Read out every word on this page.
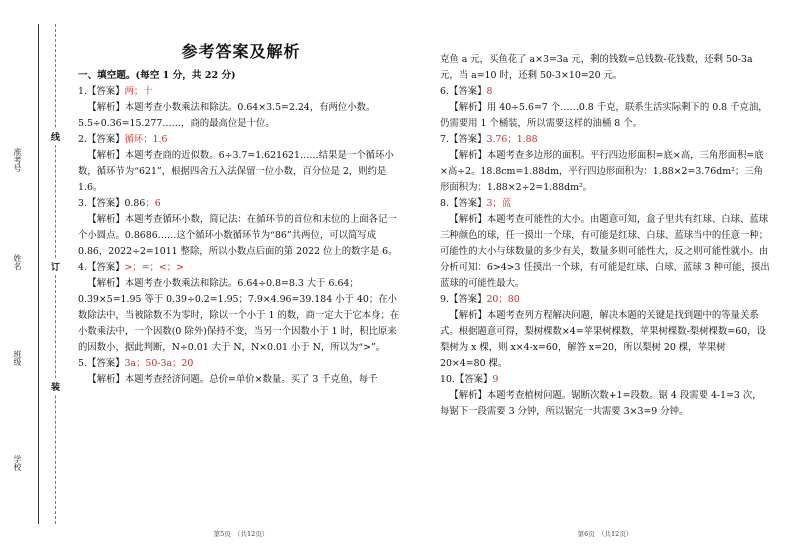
准考号
姓名
班级
学校
线
订
装
参考答案及解析

一、填空题。(每空 1 分，共 22 分)

1.【答案】两；十

【解析】本题考查小数乘法和除法。0.64×3.5=2.24，有两位小数。5.5÷0.36=15.277……，商的最高位是十位。

2.【答案】循环；1.6

【解析】本题考查商的近似数。6÷3.7=1.621621……结果是一个循环小数，循环节为“621”，根据四舍五入法保留一位小数，百分位是 2，则约是 1.6。

3.【答案】0.86；6

【解析】本题考查循环小数，简记法：在循环节的首位和末位的上面各记一个小圆点。0.8686……这个循环小数循环节为“86”共两位，可以简写成0.86，2022÷2=1011 整除，所以小数点后面的第 2022 位上的数字是 6。

4.【答案】>；=；<；>

【解析】本题考查小数乘法和除法。6.64÷0.8=8.3 大于 6.64；0.39×5=1.95 等于 0.39÷0.2=1.95；7.9×4.96=39.184 小于 40；在小数除法中，当被除数不为零时，除以一个小于 1 的数，商一定大于它本身；在小数乘法中，一个因数(0 除外)保持不变，当另一个因数小于 1 时，积比原来的因数小，据此判断，N÷0.01 大于 N，N×0.01 小于 N，所以为“>”。

5.【答案】3a；50-3a；20

【解析】本题考查经济问题。总价=单价×数量。买了 3 千克鱼，每千

第5页　（共12页）

克鱼 a 元，买鱼花了 a×3=3a 元，剩的钱数=总钱数-花钱数，还剩 50-3a 元，当 a=10 时，还剩 50-3×10=20 元。

6.【答案】8

【解析】用 40÷5.6=7 个……0.8 千克，联系生活实际剩下的 0.8 千克油，仍需要用 1 个桶装，所以需要这样的油桶 8 个。

7.【答案】3.76；1.88

【解析】本题考查多边形的面积。平行四边形面积=底×高，三角形面积=底×高÷2。18.8cm=1.88dm，平行四边形面积为：1.88×2=3.76dm²；三角形面积为：1.88×2÷2=1.88dm²。

8.【答案】3；蓝

【解析】本题考查可能性的大小。由题意可知，盒子里共有红球、白球、蓝球三种颜色的球，任一摸出一个球，有可能是红球、白球、蓝球当中的任意一种；可能性的大小与球数量的多少有关，数量多则可能性大，反之则可能性就小。由分析可知：6>4>3 任摸出一个球，有可能是红球、白球、蓝球 3 种可能，摸出蓝球的可能性最大。

9.【答案】20；80

【解析】本题考查列方程解决问题，解决本题的关键是找到题中的等量关系式。根据题意可得，梨树棵数×4=苹果树棵数，苹果树棵数-梨树棵数=60，设梨树为 x 棵，则 x×4-x=60，解答 x=20，所以梨树 20 棵，苹果树 20×4=80 棵。

10.【答案】9

【解析】本题考查植树问题。锯断次数+1=段数。锯 4 段需要 4-1=3 次，每锯下一段需要 3 分钟，所以锯完一共需要 3×3=9 分钟。

第6页　（共12页）
